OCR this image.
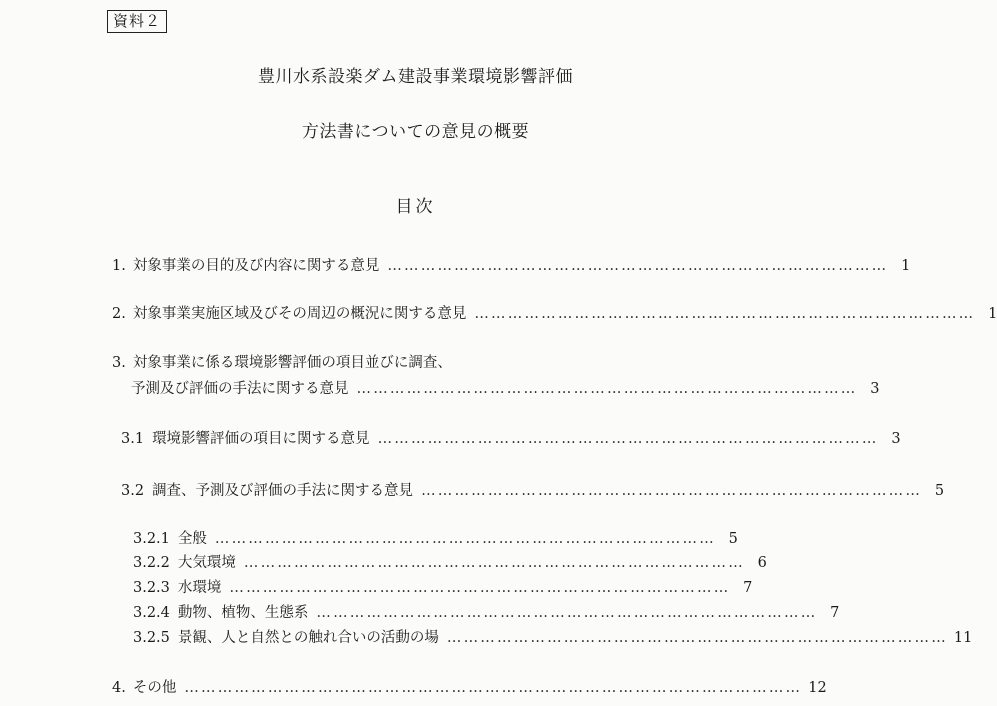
資料２
豊川水系設楽ダム建設事業環境影響評価
方法書についての意見の概要
目次
1. 対象事業の目的及び内容に関する意見 ……………………………………………………………………………… 1
2. 対象事業実施区域及びその周辺の概況に関する意見 ……………………………………………………………………………… 1
3. 対象事業に係る環境影響評価の項目並びに調査、
予測及び評価の手法に関する意見 ……………………………………………………………………………… 3
3.1 環境影響評価の項目に関する意見 ……………………………………………………………………………… 3
3.2 調査、予測及び評価の手法に関する意見 ……………………………………………………………………………… 5
3.2.1 全般 ……………………………………………………………………………… 5
3.2.2 大気環境 ……………………………………………………………………………… 6
3.2.3 水環境 ……………………………………………………………………………… 7
3.2.4 動物、植物、生態系 ……………………………………………………………………………… 7
3.2.5 景観、人と自然との触れ合いの活動の場 ……………………………………………………………………………… 11
4. その他 ………………………………………………………………………………………………… 12
